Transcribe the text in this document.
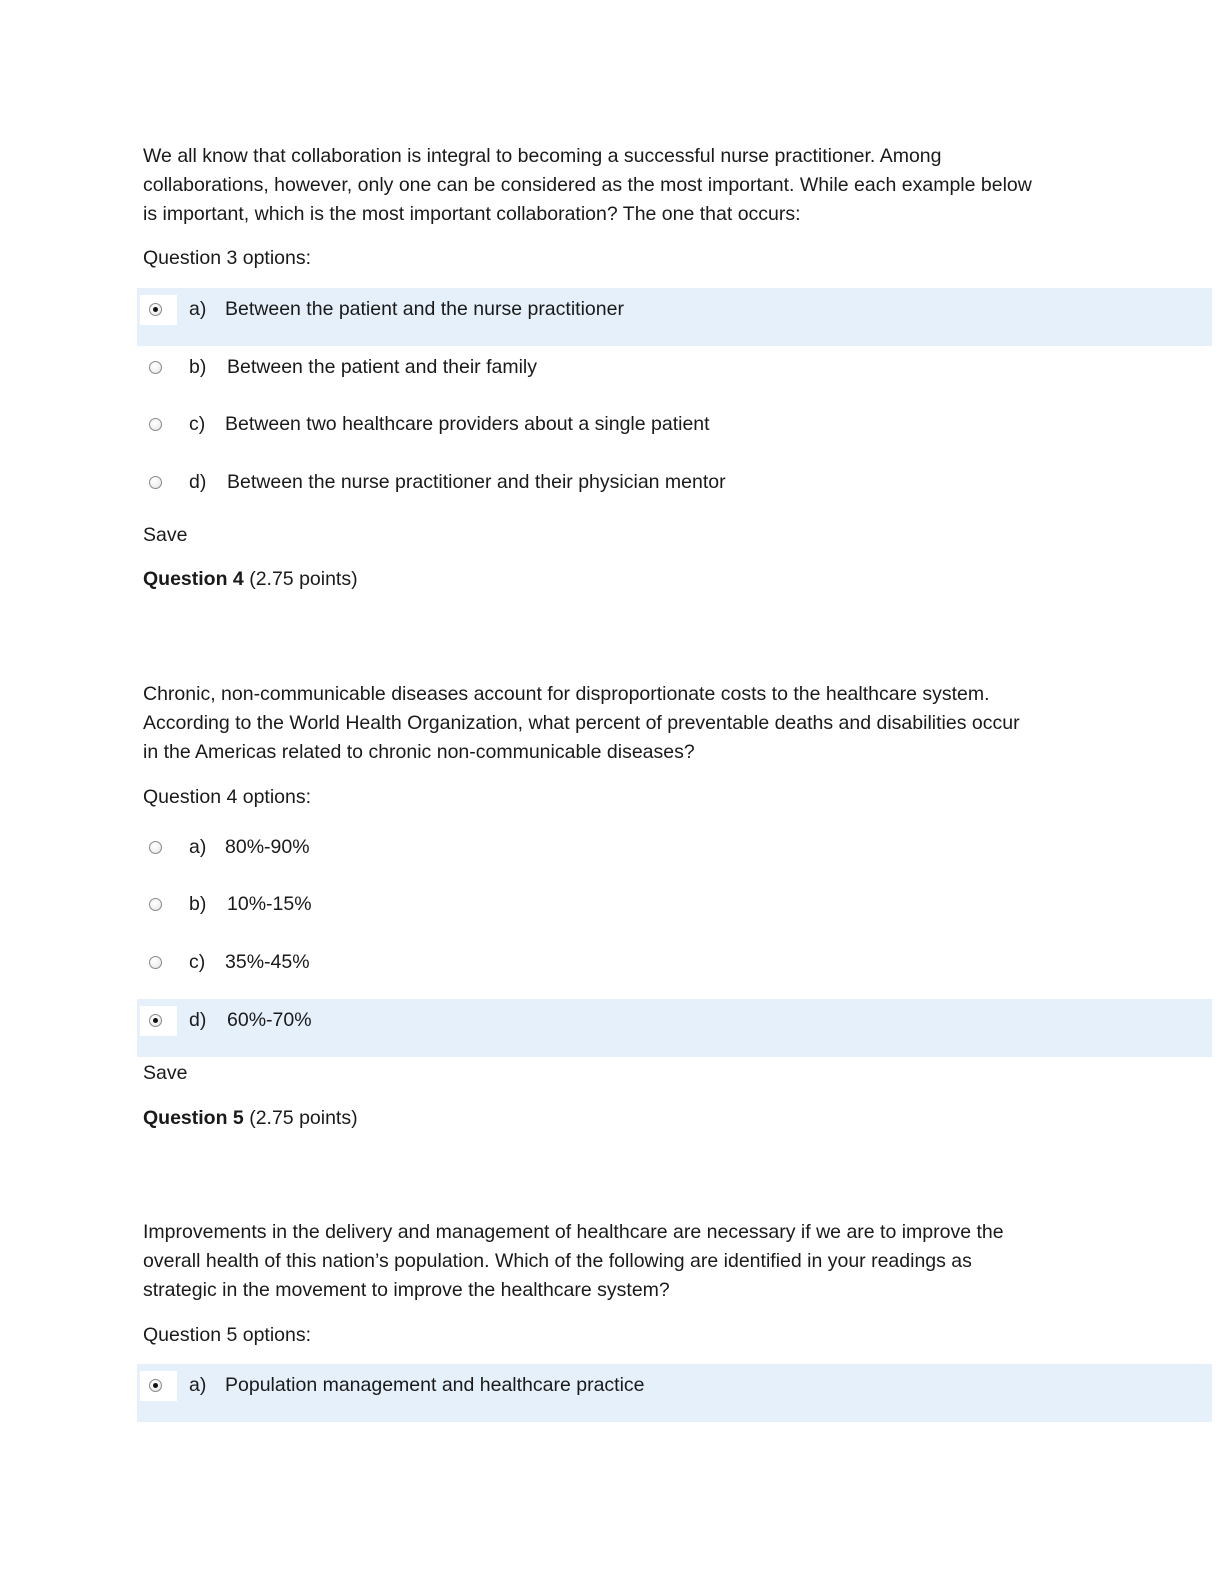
We all know that collaboration is integral to becoming a successful nurse practitioner. Among
collaborations, however, only one can be considered as the most important. While each example below
is important, which is the most important collaboration? The one that occurs:
Question 3 options:
a) Between the patient and the nurse practitioner
b) Between the patient and their family
c) Between two healthcare providers about a single patient
d) Between the nurse practitioner and their physician mentor
Save
Question 4 (2.75 points)
Chronic, non-communicable diseases account for disproportionate costs to the healthcare system.
According to the World Health Organization, what percent of preventable deaths and disabilities occur
in the Americas related to chronic non-communicable diseases?
Question 4 options:
a) 80%-90%
b) 10%-15%
c) 35%-45%
d) 60%-70%
Save
Question 5 (2.75 points)
Improvements in the delivery and management of healthcare are necessary if we are to improve the
overall health of this nation’s population. Which of the following are identified in your readings as
strategic in the movement to improve the healthcare system?
Question 5 options:
a) Population management and healthcare practice
